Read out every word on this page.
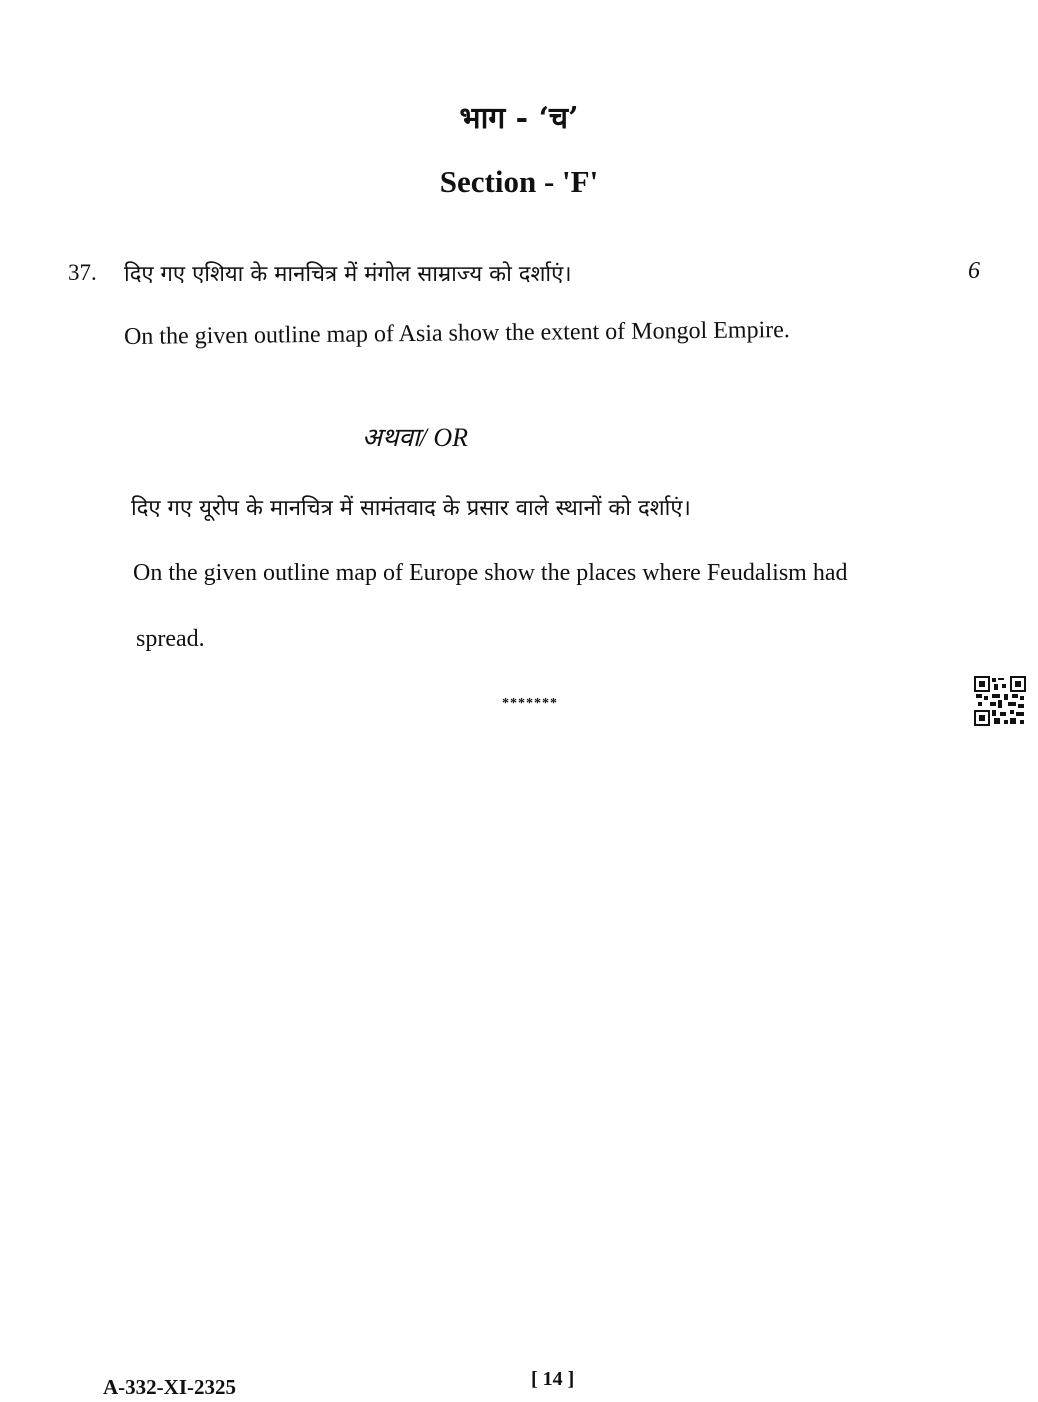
भाग - ‘च’
Section - 'F'
37. दिए गए एशिया के मानचित्र में मंगोल साम्राज्य को दर्शाएं।	6
On the given outline map of Asia show the extent of Mongol Empire.
अथवा/ OR
दिए गए यूरोप के मानचित्र में सामंतवाद के प्रसार वाले स्थानों को दर्शाएं।
On the given outline map of Europe show the places where Feudalism had
spread.
*******
A-332-XI-2325	[ 14 ]
